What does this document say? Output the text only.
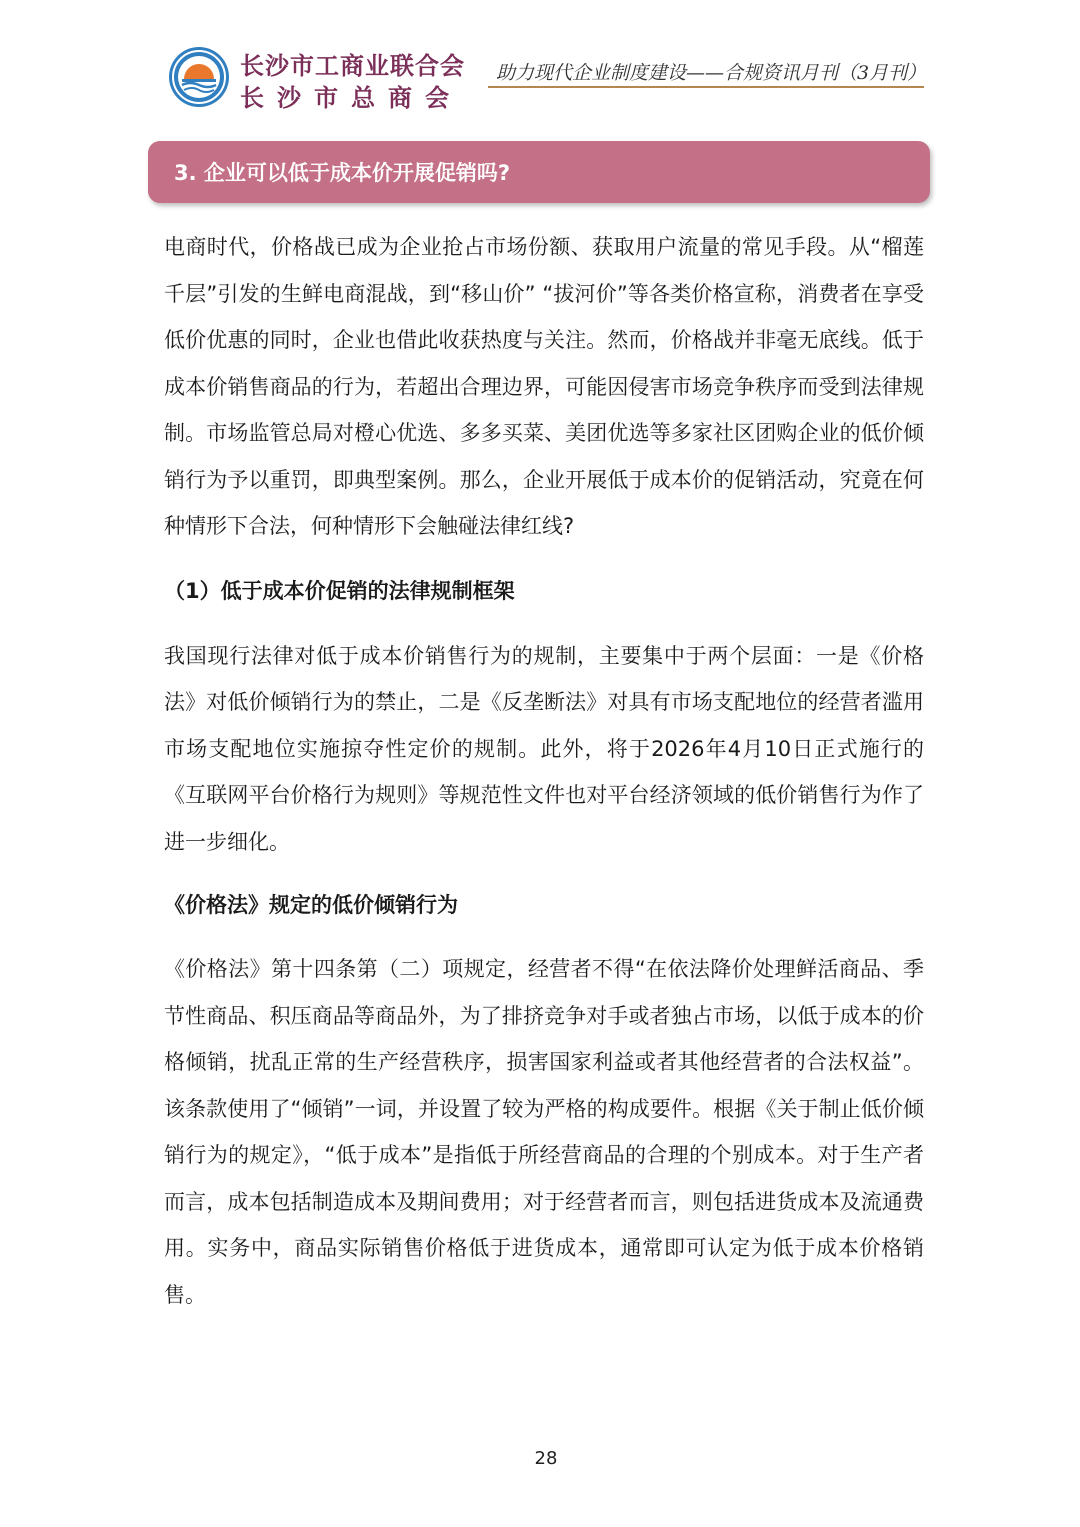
长沙市工商业联合会
长沙市总商会
助力现代企业制度建设——合规资讯月刊（3月刊）
3. 企业可以低于成本价开展促销吗?

电商时代，价格战已成为企业抢占市场份额、获取用户流量的常见手段。从“榴莲千层”引发的生鲜电商混战，到“移山价” “拔河价”等各类价格宣称，消费者在享受低价优惠的同时，企业也借此收获热度与关注。然而，价格战并非毫无底线。低于成本价销售商品的行为，若超出合理边界，可能因侵害市场竞争秩序而受到法律规制。市场监管总局对橙心优选、多多买菜、美团优选等多家社区团购企业的低价倾销行为予以重罚，即典型案例。那么，企业开展低于成本价的促销活动，究竟在何种情形下合法，何种情形下会触碰法律红线?

（1）低于成本价促销的法律规制框架

我国现行法律对低于成本价销售行为的规制，主要集中于两个层面：一是《价格法》对低价倾销行为的禁止，二是《反垄断法》对具有市场支配地位的经营者滥用市场支配地位实施掠夺性定价的规制。此外，将于2026年4月10日正式施行的《互联网平台价格行为规则》等规范性文件也对平台经济领域的低价销售行为作了进一步细化。

《价格法》规定的低价倾销行为

《价格法》第十四条第（二）项规定，经营者不得“在依法降价处理鲜活商品、季节性商品、积压商品等商品外，为了排挤竞争对手或者独占市场，以低于成本的价格倾销，扰乱正常的生产经营秩序，损害国家利益或者其他经营者的合法权益”。该条款使用了“倾销”一词，并设置了较为严格的构成要件。根据《关于制止低价倾销行为的规定》，“低于成本”是指低于所经营商品的合理的个别成本。对于生产者而言，成本包括制造成本及期间费用；对于经营者而言，则包括进货成本及流通费用。实务中，商品实际销售价格低于进货成本，通常即可认定为低于成本价格销售。

28
